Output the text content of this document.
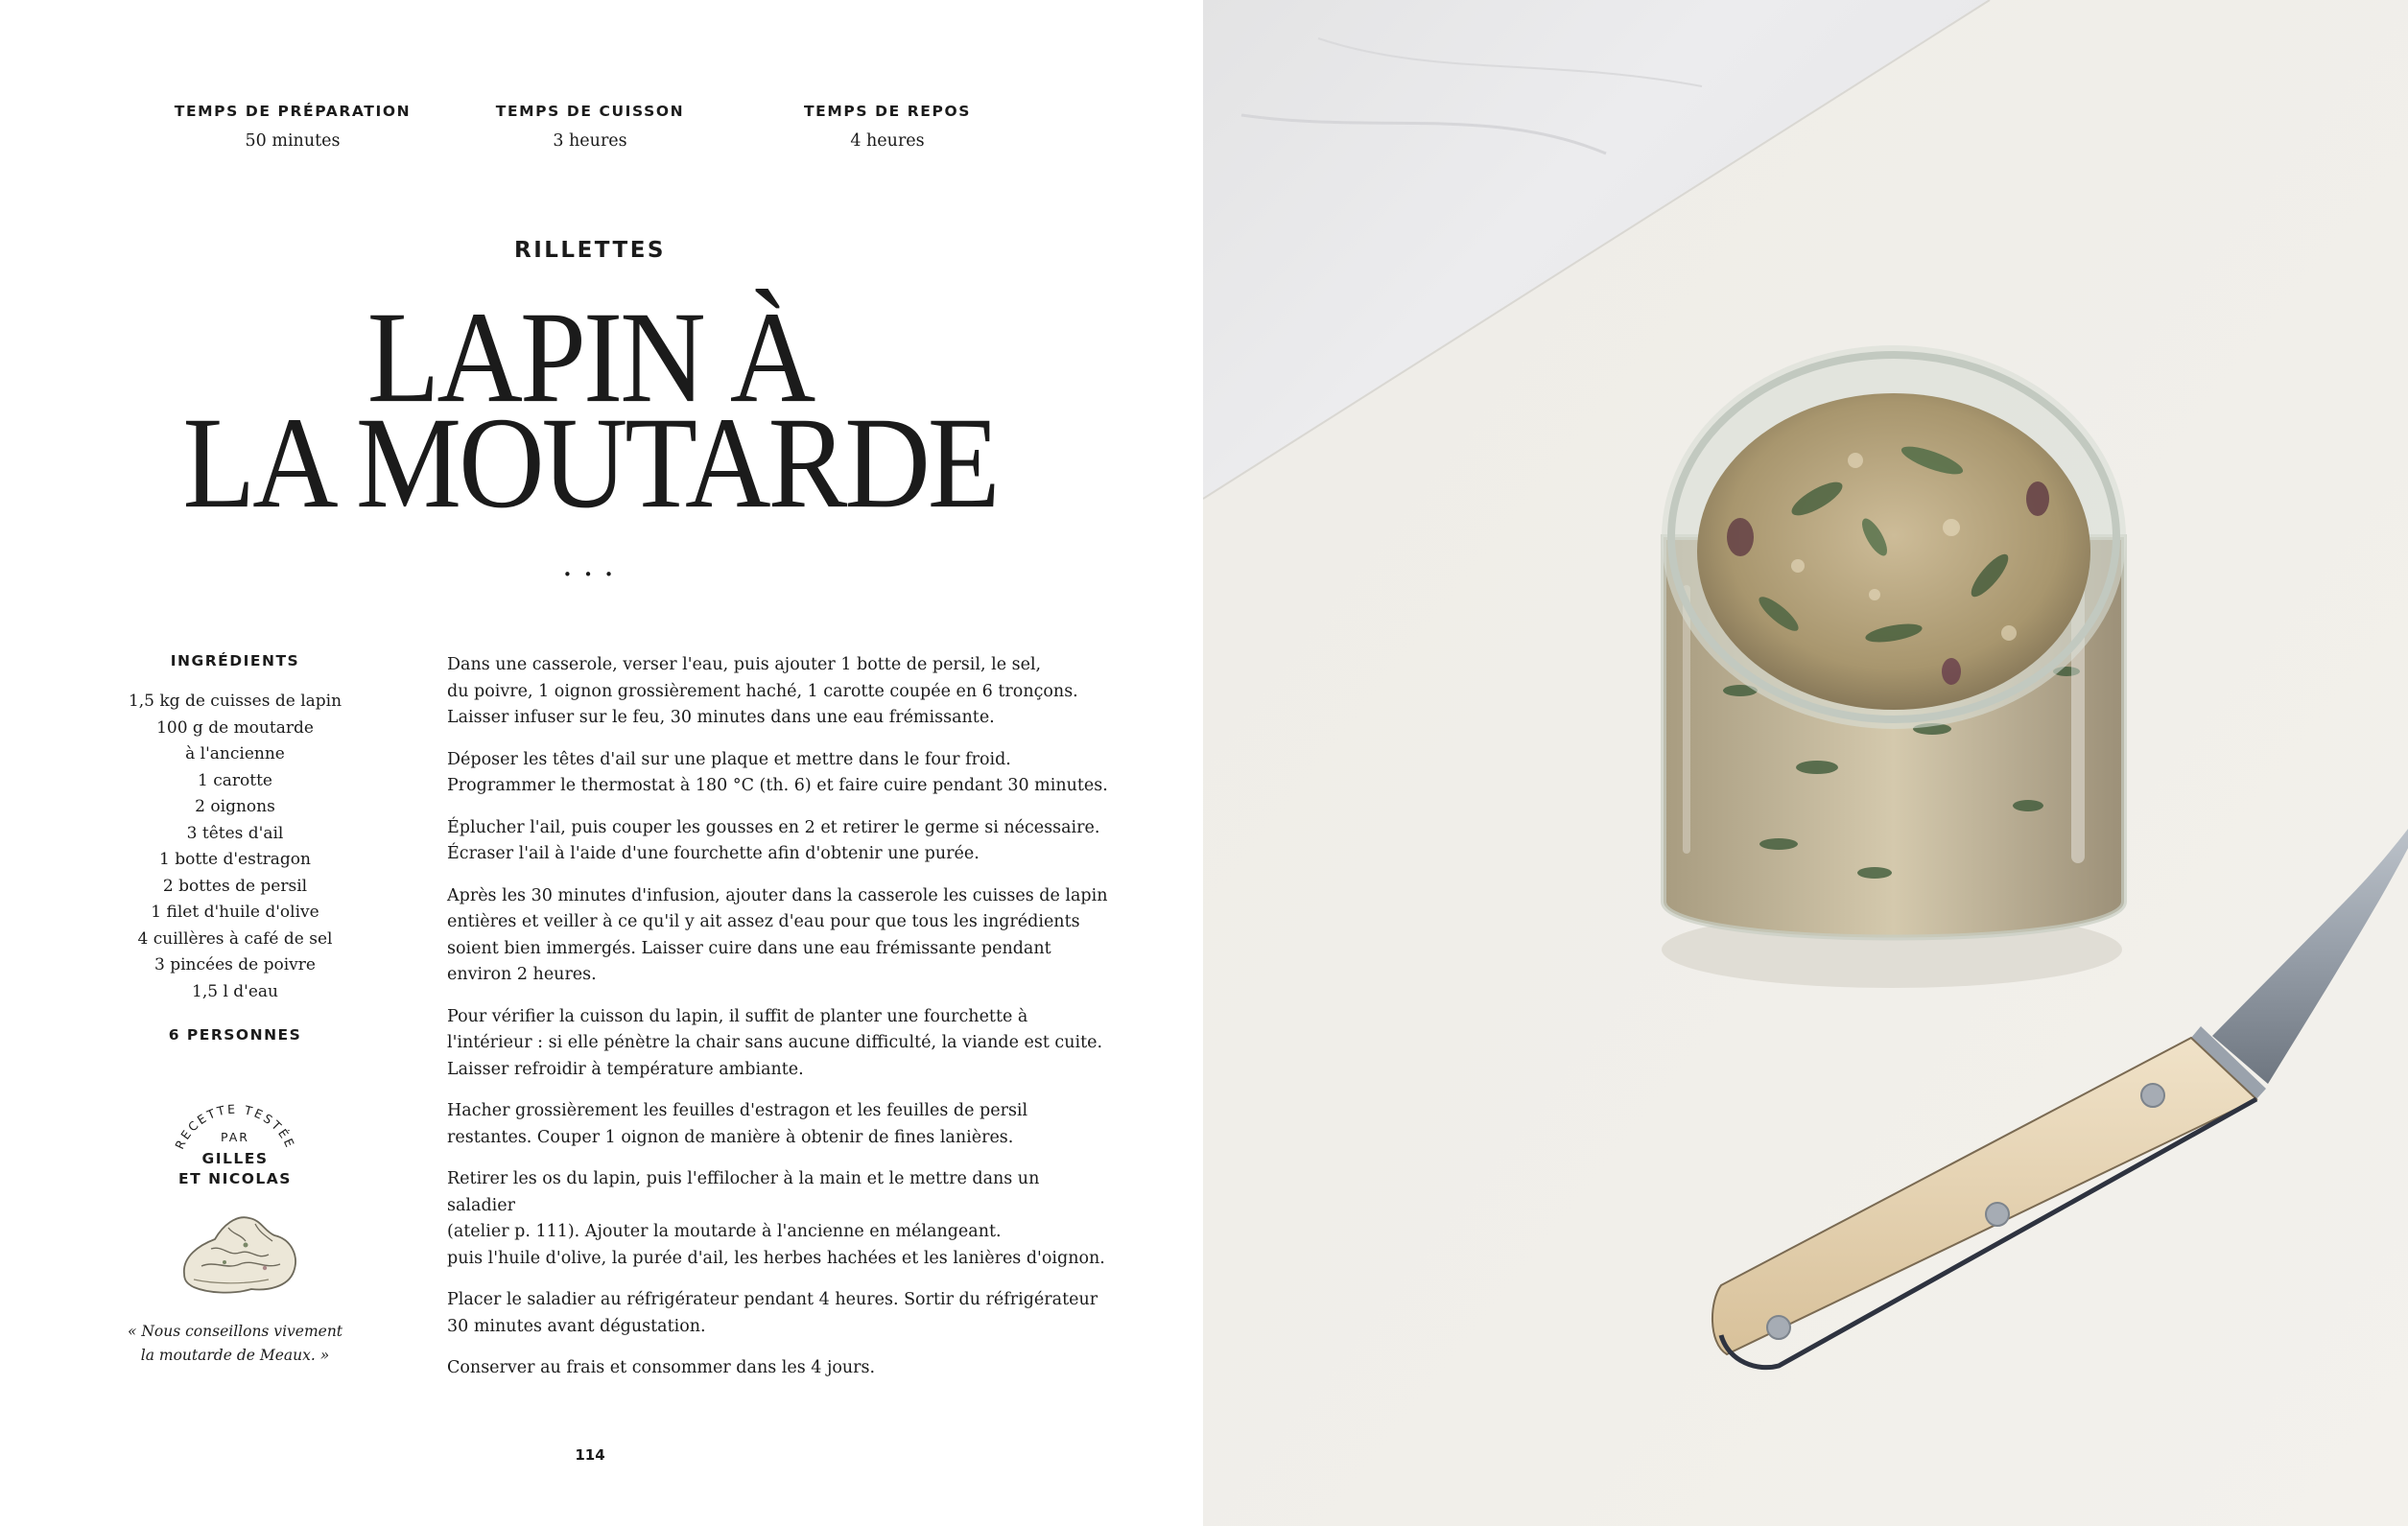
TEMPS DE PRÉPARATION
50 minutes
TEMPS DE CUISSON
3 heures
TEMPS DE REPOS
4 heures
RILLETTES
LAPIN À
LA MOUTARDE
• • •
INGRÉDIENTS
1,5 kg de cuisses de lapin
100 g de moutarde
à l'ancienne
1 carotte
2 oignons
3 têtes d'ail
1 botte d'estragon
2 bottes de persil
1 filet d'huile d'olive
4 cuillères à café de sel
3 pincées de poivre
1,5 l d'eau
6 PERSONNES
RECETTE TESTÉE
PAR
GILLES
ET NICOLAS
« Nous conseillons vivement
la moutarde de Meaux. »

Dans une casserole, verser l'eau, puis ajouter 1 botte de persil, le sel,
du poivre, 1 oignon grossièrement haché, 1 carotte coupée en 6 tronçons.
Laisser infuser sur le feu, 30 minutes dans une eau frémissante.

Déposer les têtes d'ail sur une plaque et mettre dans le four froid.
Programmer le thermostat à 180 °C (th. 6) et faire cuire pendant 30 minutes.

Éplucher l'ail, puis couper les gousses en 2 et retirer le germe si nécessaire.
Écraser l'ail à l'aide d'une fourchette afin d'obtenir une purée.

Après les 30 minutes d'infusion, ajouter dans la casserole les cuisses de lapin
entières et veiller à ce qu'il y ait assez d'eau pour que tous les ingrédients
soient bien immergés. Laisser cuire dans une eau frémissante pendant
environ 2 heures.

Pour vérifier la cuisson du lapin, il suffit de planter une fourchette à
l'intérieur : si elle pénètre la chair sans aucune difficulté, la viande est cuite.
Laisser refroidir à température ambiante.

Hacher grossièrement les feuilles d'estragon et les feuilles de persil
restantes. Couper 1 oignon de manière à obtenir de fines lanières.

Retirer les os du lapin, puis l'effilocher à la main et le mettre dans un saladier
(atelier p. 111). Ajouter la moutarde à l'ancienne en mélangeant.
puis l'huile d'olive, la purée d'ail, les herbes hachées et les lanières d'oignon.

Placer le saladier au réfrigérateur pendant 4 heures. Sortir du réfrigérateur
30 minutes avant dégustation.

Conserver au frais et consommer dans les 4 jours.

114
